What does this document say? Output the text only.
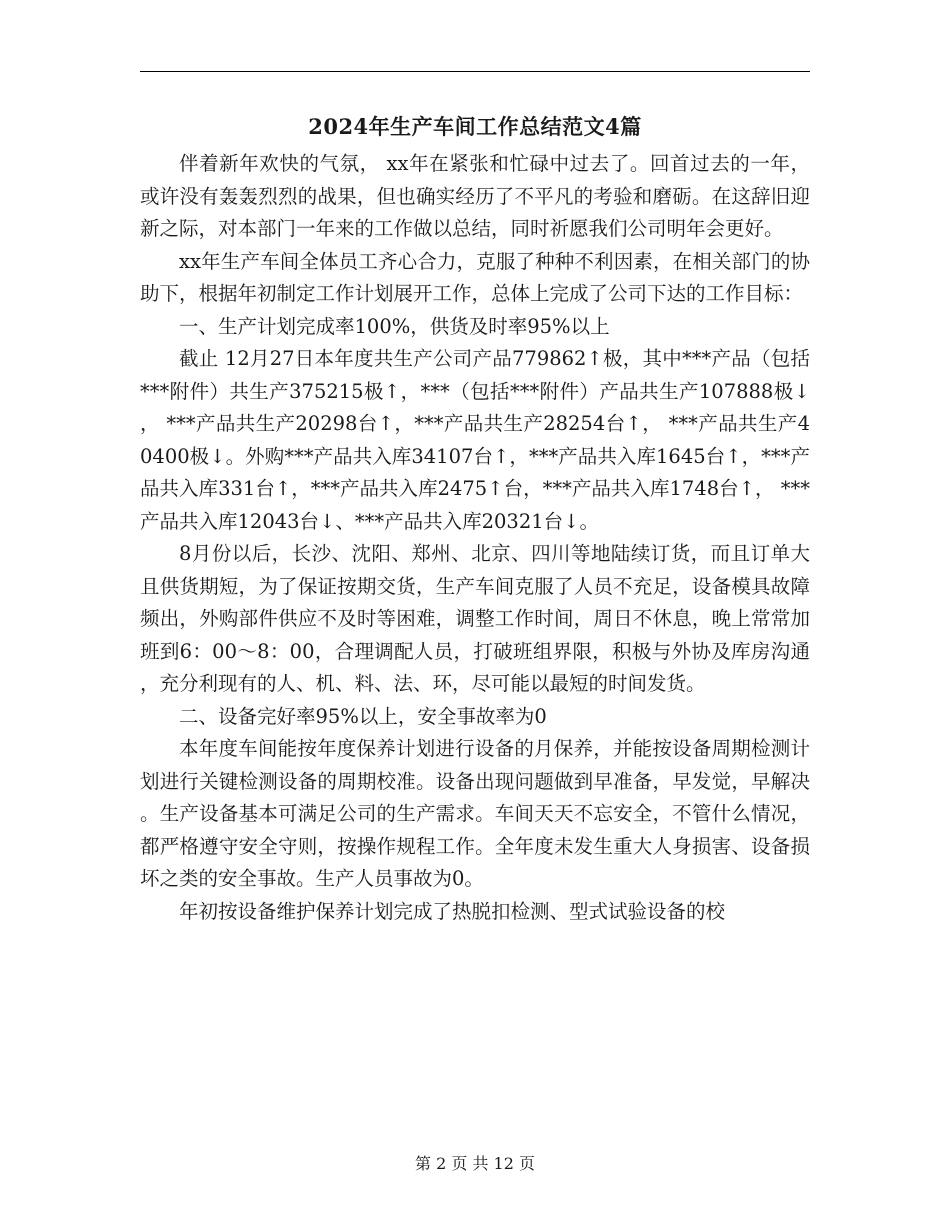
2024年生产车间工作总结范文4篇

伴着新年欢快的气氛， xx年在紧张和忙碌中过去了。回首过去的一年，或许没有轰轰烈烈的战果，但也确实经历了不平凡的考验和磨砺。在这辞旧迎新之际，对本部门一年来的工作做以总结，同时祈愿我们公司明年会更好。

xx年生产车间全体员工齐心合力，克服了种种不利因素，在相关部门的协助下，根据年初制定工作计划展开工作，总体上完成了公司下达的工作目标：

一、生产计划完成率100%，供货及时率95%以上

截止 12月27日本年度共生产公司产品779862↑极，其中***产品（包括***附件）共生产375215极↑，***（包括***附件）产品共生产107888极↓， ***产品共生产20298台↑，***产品共生产28254台↑， ***产品共生产40400极↓。外购***产品共入库34107台↑，***产品共入库1645台↑，***产品共入库331台↑，***产品共入库2475↑台，***产品共入库1748台↑， ***产品共入库12043台↓、***产品共入库20321台↓。

8月份以后，长沙、沈阳、郑州、北京、四川等地陆续订货，而且订单大且供货期短，为了保证按期交货，生产车间克服了人员不充足，设备模具故障频出，外购部件供应不及时等困难，调整工作时间，周日不休息，晚上常常加班到6：00～8：00，合理调配人员，打破班组界限，积极与外协及库房沟通，充分利现有的人、机、料、法、环，尽可能以最短的时间发货。

二、设备完好率95%以上，安全事故率为0

本年度车间能按年度保养计划进行设备的月保养，并能按设备周期检测计划进行关键检测设备的周期校准。设备出现问题做到早准备，早发觉，早解决。生产设备基本可满足公司的生产需求。车间天天不忘安全，不管什么情况，都严格遵守安全守则，按操作规程工作。全年度未发生重大人身损害、设备损坏之类的安全事故。生产人员事故为0。

年初按设备维护保养计划完成了热脱扣检测、型式试验设备的校

第 2 页 共 12 页
